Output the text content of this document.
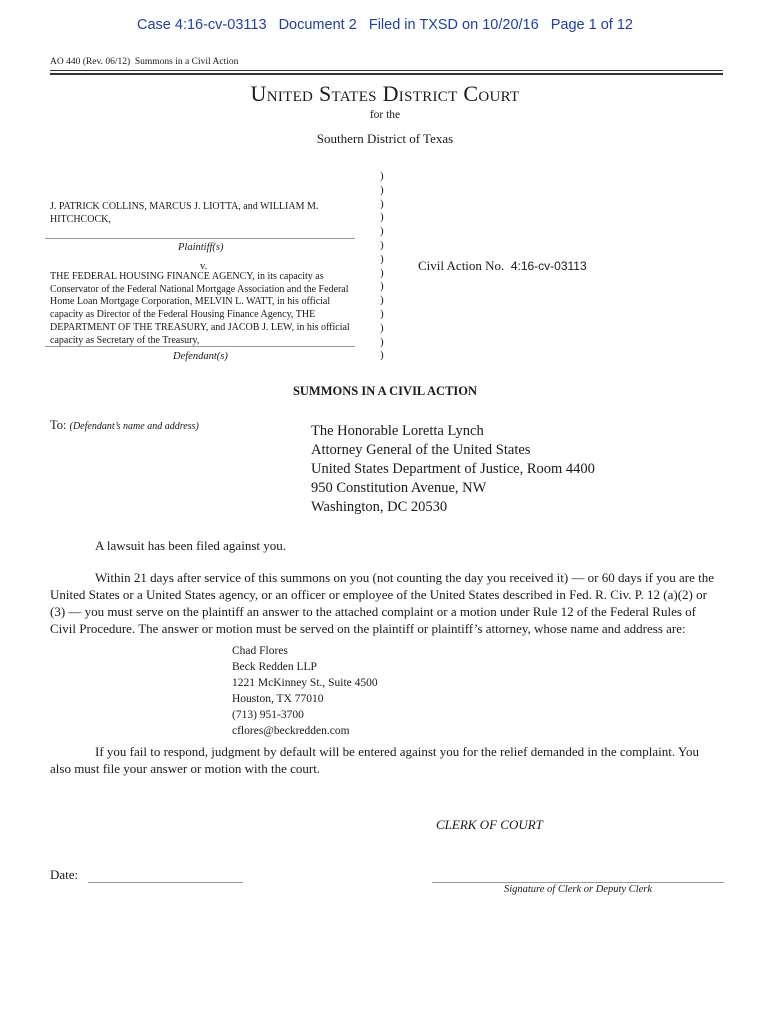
Case 4:16-cv-03113   Document 2   Filed in TXSD on 10/20/16   Page 1 of 12
AO 440 (Rev. 06/12)  Summons in a Civil Action
United States District Court
for the
Southern District of Texas
J. PATRICK COLLINS, MARCUS J. LIOTTA, and WILLIAM M. HITCHCOCK,
Plaintiff(s)
v.
THE FEDERAL HOUSING FINANCE AGENCY, in its capacity as Conservator of the Federal National Mortgage Association and the Federal Home Loan Mortgage Corporation, MELVIN L. WATT, in his official capacity as Director of the Federal Housing Finance Agency, THE DEPARTMENT OF THE TREASURY, and JACOB J. LEW, in his official capacity as Secretary of the Treasury,
Defendant(s)
)
)
)
)
)
)
)
)
)
)
)
)
)
)
Civil Action No. 4:16-cv-03113
SUMMONS IN A CIVIL ACTION
To: (Defendant’s name and address)	The Honorable Loretta Lynch
Attorney General of the United States
United States Department of Justice, Room 4400
950 Constitution Avenue, NW
Washington, DC 20530
A lawsuit has been filed against you.
Within 21 days after service of this summons on you (not counting the day you received it) — or 60 days if you are the United States or a United States agency, or an officer or employee of the United States described in Fed. R. Civ. P. 12 (a)(2) or (3) — you must serve on the plaintiff an answer to the attached complaint or a motion under Rule 12 of the Federal Rules of Civil Procedure. The answer or motion must be served on the plaintiff or plaintiff’s attorney, whose name and address are:
Chad Flores
Beck Redden LLP
1221 McKinney St., Suite 4500
Houston, TX 77010
(713) 951-3700
cflores@beckredden.com
If you fail to respond, judgment by default will be entered against you for the relief demanded in the complaint. You also must file your answer or motion with the court.
CLERK OF COURT
Date:
Signature of Clerk or Deputy Clerk
